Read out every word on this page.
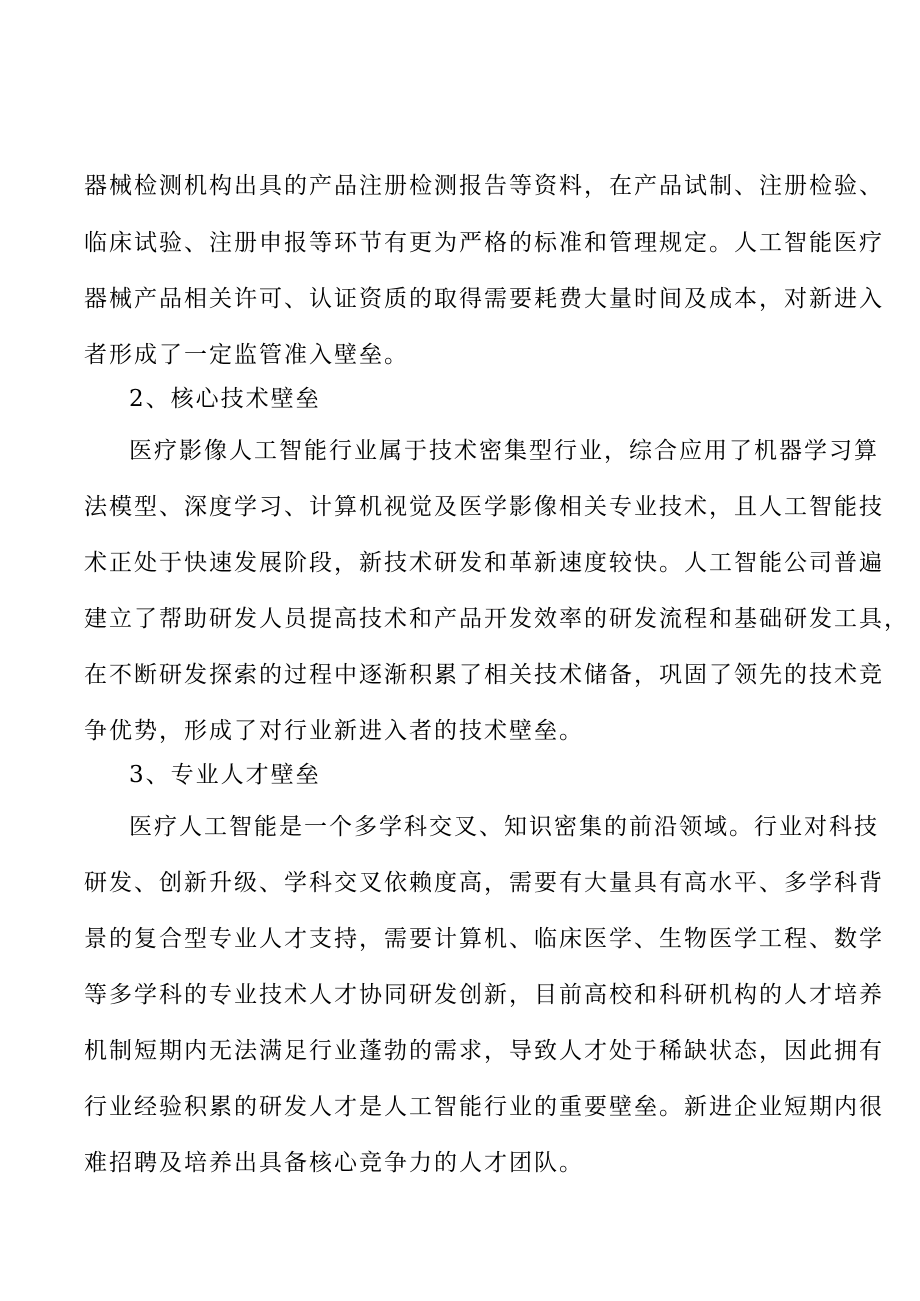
器械检测机构出具的产品注册检测报告等资料，在产品试制、注册检验、
临床试验、注册申报等环节有更为严格的标准和管理规定。人工智能医疗
器械产品相关许可、认证资质的取得需要耗费大量时间及成本，对新进入
者形成了一定监管准入壁垒。
2、核心技术壁垒
医疗影像人工智能行业属于技术密集型行业，综合应用了机器学习算
法模型、深度学习、计算机视觉及医学影像相关专业技术，且人工智能技
术正处于快速发展阶段，新技术研发和革新速度较快。人工智能公司普遍
建立了帮助研发人员提高技术和产品开发效率的研发流程和基础研发工具，
在不断研发探索的过程中逐渐积累了相关技术储备，巩固了领先的技术竞
争优势，形成了对行业新进入者的技术壁垒。
3、专业人才壁垒
医疗人工智能是一个多学科交叉、知识密集的前沿领域。行业对科技
研发、创新升级、学科交叉依赖度高，需要有大量具有高水平、多学科背
景的复合型专业人才支持，需要计算机、临床医学、生物医学工程、数学
等多学科的专业技术人才协同研发创新，目前高校和科研机构的人才培养
机制短期内无法满足行业蓬勃的需求，导致人才处于稀缺状态，因此拥有
行业经验积累的研发人才是人工智能行业的重要壁垒。新进企业短期内很
难招聘及培养出具备核心竞争力的人才团队。
